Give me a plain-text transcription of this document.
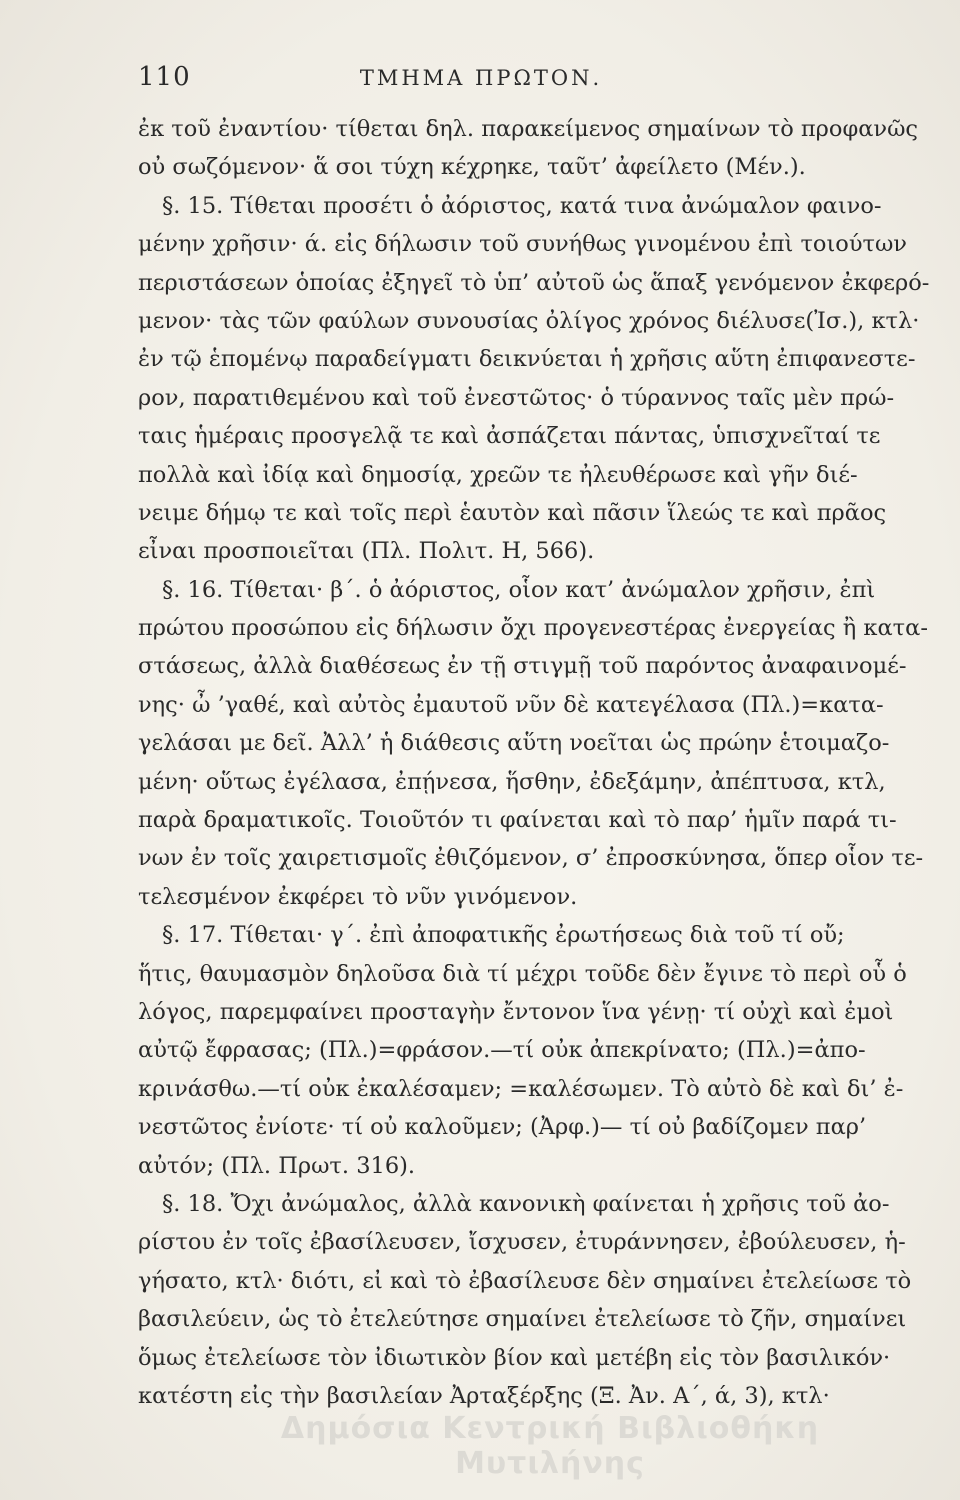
110	ΤΜΗΜΑ ΠΡΩΤΟΝ.
ἐκ τοῦ ἐναντίου· τίθεται δηλ. παρακείμενος σημαίνων τὸ προφανῶς
οὐ σωζόμενον· ἅ σοι τύχη κέχρηκε, ταῦτ’ ἀφείλετο (Μέν.).
§. 15. Τίθεται προσέτι ὁ ἀόριστος, κατά τινα ἀνώμαλον φαινο-
μένην χρῆσιν· ά. εἰς δήλωσιν τοῦ συνήθως γινομένου ἐπὶ τοιούτων
περιστάσεων ὁποίας ἐξηγεῖ τὸ ὑπ’ αὐτοῦ ὡς ἅπαξ γενόμενον ἐκφερό-
μενον· τὰς τῶν φαύλων συνουσίας ὀλίγος χρόνος διέλυσε(Ἰσ.), κτλ·
ἐν τῷ ἑπομένῳ παραδείγματι δεικνύεται ἡ χρῆσις αὕτη ἐπιφανεστε-
ρον, παρατιθεμένου καὶ τοῦ ἐνεστῶτος· ὁ τύραννος ταῖς μὲν πρώ-
ταις ἡμέραις προσγελᾷ τε καὶ ἀσπάζεται πάντας, ὑπισχνεῖταί τε
πολλὰ καὶ ἰδίᾳ καὶ δημοσίᾳ, χρεῶν τε ἠλευθέρωσε καὶ γῆν διέ-
νειμε δήμῳ τε καὶ τοῖς περὶ ἑαυτὸν καὶ πᾶσιν ἵλεώς τε καὶ πρᾶος
εἶναι προσποιεῖται (Πλ. Πολιτ. Η, 566).
§. 16. Τίθεται· β΄. ὁ ἀόριστος, οἷον κατ’ ἀνώμαλον χρῆσιν, ἐπὶ
πρώτου προσώπου εἰς δήλωσιν ὄχι προγενεστέρας ἐνεργείας ἢ κατα-
στάσεως, ἀλλὰ διαθέσεως ἐν τῇ στιγμῇ τοῦ παρόντος ἀναφαινομέ-
νης· ὦ ’γαθέ, καὶ αὐτὸς ἐμαυτοῦ νῦν δὲ κατεγέλασα (Πλ.)=κατα-
γελάσαι με δεῖ. Ἀλλ’ ἡ διάθεσις αὕτη νοεῖται ὡς πρώην ἑτοιμαζο-
μένη· οὕτως ἐγέλασα, ἐπῄνεσα, ἥσθην, ἐδεξάμην, ἀπέπτυσα, κτλ,
παρὰ δραματικοῖς. Τοιοῦτόν τι φαίνεται καὶ τὸ παρ’ ἡμῖν παρά τι-
νων ἐν τοῖς χαιρετισμοῖς ἐθιζόμενον, σ’ ἐπροσκύνησα, ὅπερ οἷον τε-
τελεσμένον ἐκφέρει τὸ νῦν γινόμενον.
§. 17. Τίθεται· γ΄. ἐπὶ ἀποφατικῆς ἐρωτήσεως διὰ τοῦ τί οὔ;
ἥτις, θαυμασμὸν δηλοῦσα διὰ τί μέχρι τοῦδε δὲν ἔγινε τὸ περὶ οὗ ὁ
λόγος, παρεμφαίνει προσταγὴν ἔντονον ἵνα γένῃ· τί οὐχὶ καὶ ἐμοὶ
αὐτῷ ἔφρασας; (Πλ.)=φράσον.—τί οὐκ ἀπεκρίνατο; (Πλ.)=ἀπο-
κρινάσθω.—τί οὐκ ἐκαλέσαμεν; =καλέσωμεν. Τὸ αὐτὸ δὲ καὶ δι’ ἐ-
νεστῶτος ἐνίοτε· τί οὐ καλοῦμεν; (Ἀρφ.)— τί οὐ βαδίζομεν παρ’
αὐτόν; (Πλ. Πρωτ. 316).
§. 18. Ὄχι ἀνώμαλος, ἀλλὰ κανονικὴ φαίνεται ἡ χρῆσις τοῦ ἀο-
ρίστου ἐν τοῖς ἐβασίλευσεν, ἴσχυσεν, ἐτυράννησεν, ἐβούλευσεν, ἡ-
γήσατο, κτλ· διότι, εἰ καὶ τὸ ἐβασίλευσε δὲν σημαίνει ἐτελείωσε τὸ
βασιλεύειν, ὡς τὸ ἐτελεύτησε σημαίνει ἐτελείωσε τὸ ζῆν, σημαίνει
ὅμως ἐτελείωσε τὸν ἰδιωτικὸν βίον καὶ μετέβη εἰς τὸν βασιλικόν·
κατέστη εἰς τὴν βασιλείαν Ἀρταξέρξης (Ξ. Ἀν. Α΄, ά, 3), κτλ·
Δημόσια Κεντρική Βιβλιοθήκη Μυτιλήνης
